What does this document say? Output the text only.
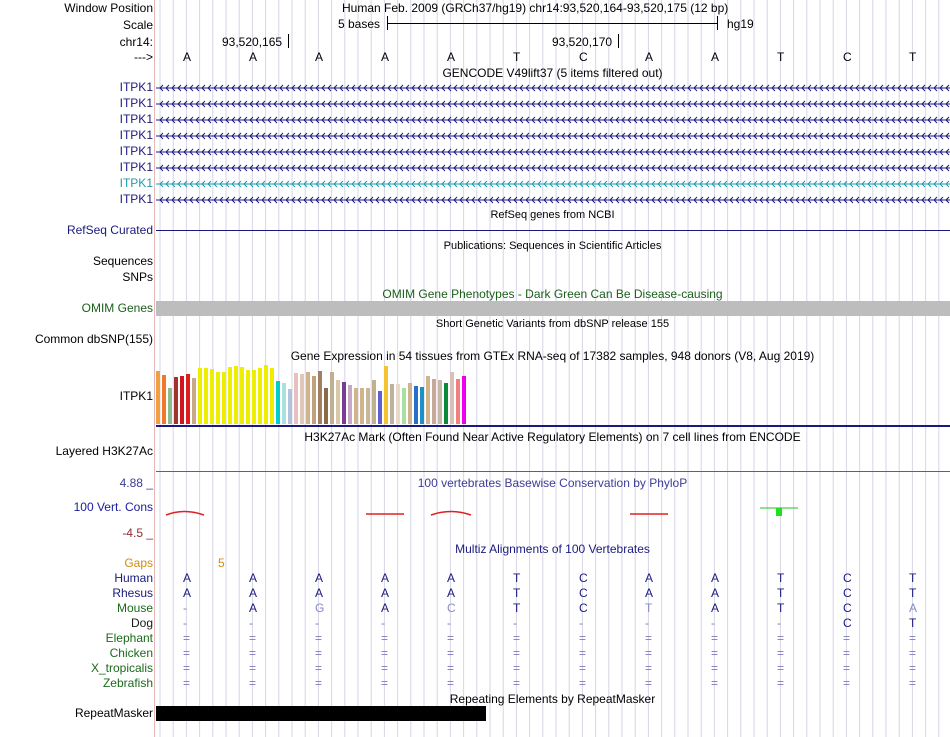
Window Position	Human Feb. 2009 (GRCh37/hg19) chr14:93,520,164-93,520,175 (12 bp)
Scale	5 bases	hg19
chr14:	93,520,165	93,520,170
--->	A	A	A	A	A	T	C	A	A	T	C	T
GENCODE V49lift37 (5 items filtered out)
ITPK1
ITPK1
ITPK1
ITPK1
ITPK1
ITPK1
ITPK1
ITPK1
RefSeq genes from NCBI
RefSeq Curated
Publications: Sequences in Scientific Articles
Sequences
SNPs
OMIM Gene Phenotypes - Dark Green Can Be Disease-causing
OMIM Genes
Short Genetic Variants from dbSNP release 155
Common dbSNP(155)
Gene Expression in 54 tissues from GTEx RNA-seq of 17382 samples, 948 donors (V8, Aug 2019)
ITPK1
H3K27Ac Mark (Often Found Near Active Regulatory Elements) on 7 cell lines from ENCODE
Layered H3K27Ac
100 vertebrates Basewise Conservation by PhyloP
4.88 _
100 Vert. Cons
-4.5 _
Multiz Alignments of 100 Vertebrates
Gaps	5
Human	A	A	A	A	A	T	C	A	A	T	C	T
Rhesus	A	A	A	A	A	T	C	A	A	T	C	T
Mouse	-	A	G	A	C	T	C	T	A	T	C	A
Dog	-	-	-	-	-	-	-	-	-	-	C	T
Elephant	=	=	=	=	=	=	=	=	=	=	=	=
Chicken	=	=	=	=	=	=	=	=	=	=	=	=
X_tropicalis	=	=	=	=	=	=	=	=	=	=	=	=
Zebrafish	=	=	=	=	=	=	=	=	=	=	=	=
Repeating Elements by RepeatMasker
RepeatMasker
